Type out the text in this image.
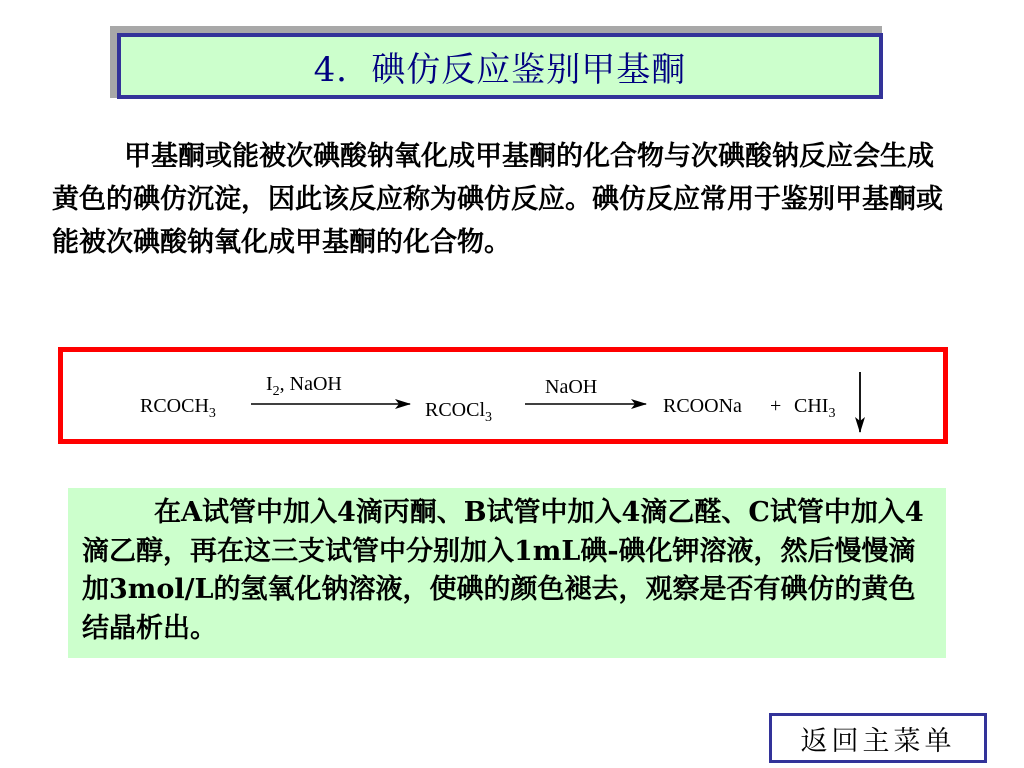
4．碘仿反应鉴别甲基酮

甲基酮或能被次碘酸钠氧化成甲基酮的化合物与次碘酸钠反应会生成黄色的碘仿沉淀，因此该反应称为碘仿反应。碘仿反应常用于鉴别甲基酮或能被次碘酸钠氧化成甲基酮的化合物。

$RCOCH_3$
$I_2$, NaOH
RCOCl$_3$
NaOH
RCOONa + $CHI_3$

在A试管中加入4滴丙酮、B试管中加入4滴乙醛、C试管中加入4滴乙醇，再在这三支试管中分别加入1mL碘-碘化钾溶液，然后慢慢滴加3mol/L的氢氧化钠溶液，使碘的颜色褪去，观察是否有碘仿的黄色结晶析出。

返回主菜单
